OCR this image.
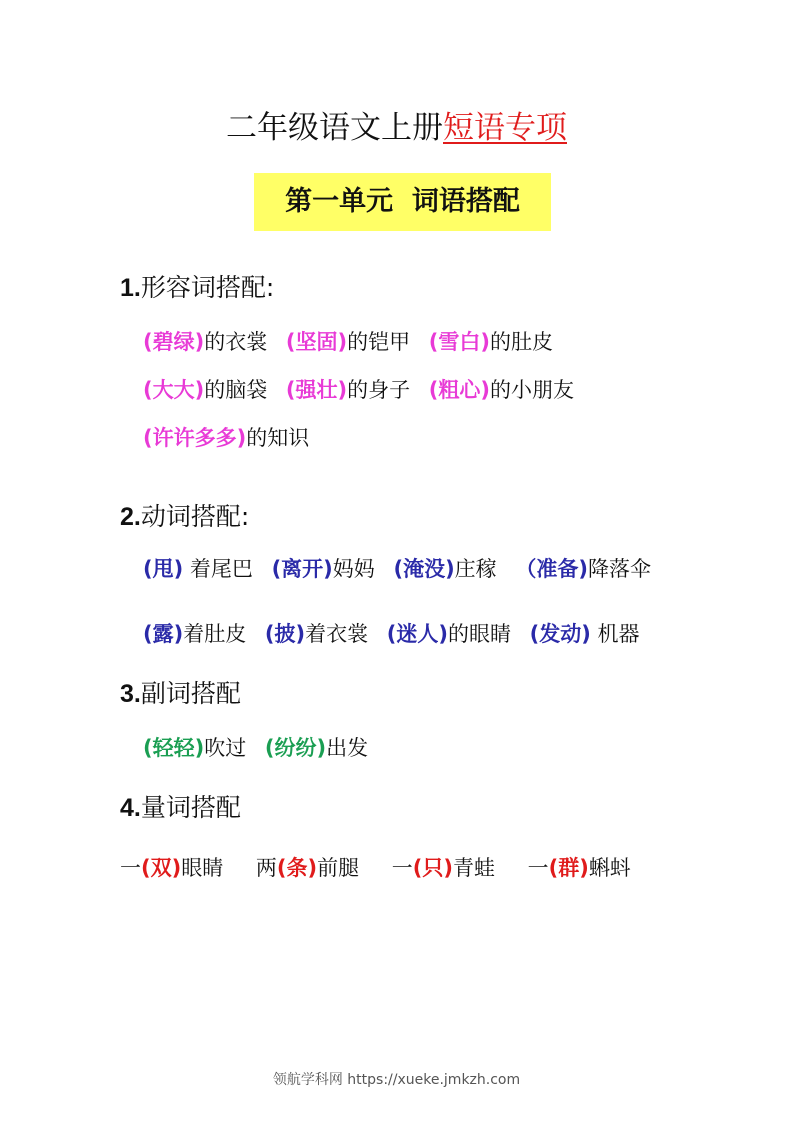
二年级语文上册短语专项
第一单元  词语搭配
1.形容词搭配:
(碧绿)的衣裳 (坚固)的铠甲 (雪白)的肚皮
(大大)的脑袋 (强壮)的身子 (粗心)的小朋友
(许许多多)的知识
2.动词搭配:
(甩) 着尾巴 (离开)妈妈 (淹没)庄稼 （准备)降落伞
(露)着肚皮 (披)着衣裳 (迷人)的眼睛 (发动) 机器
3.副词搭配
(轻轻)吹过 (纷纷)出发
4.量词搭配
一(双)眼睛 两(条)前腿 一(只)青蛙 一(群)蝌蚪
领航学科网 https://xueke.jmkzh.com
